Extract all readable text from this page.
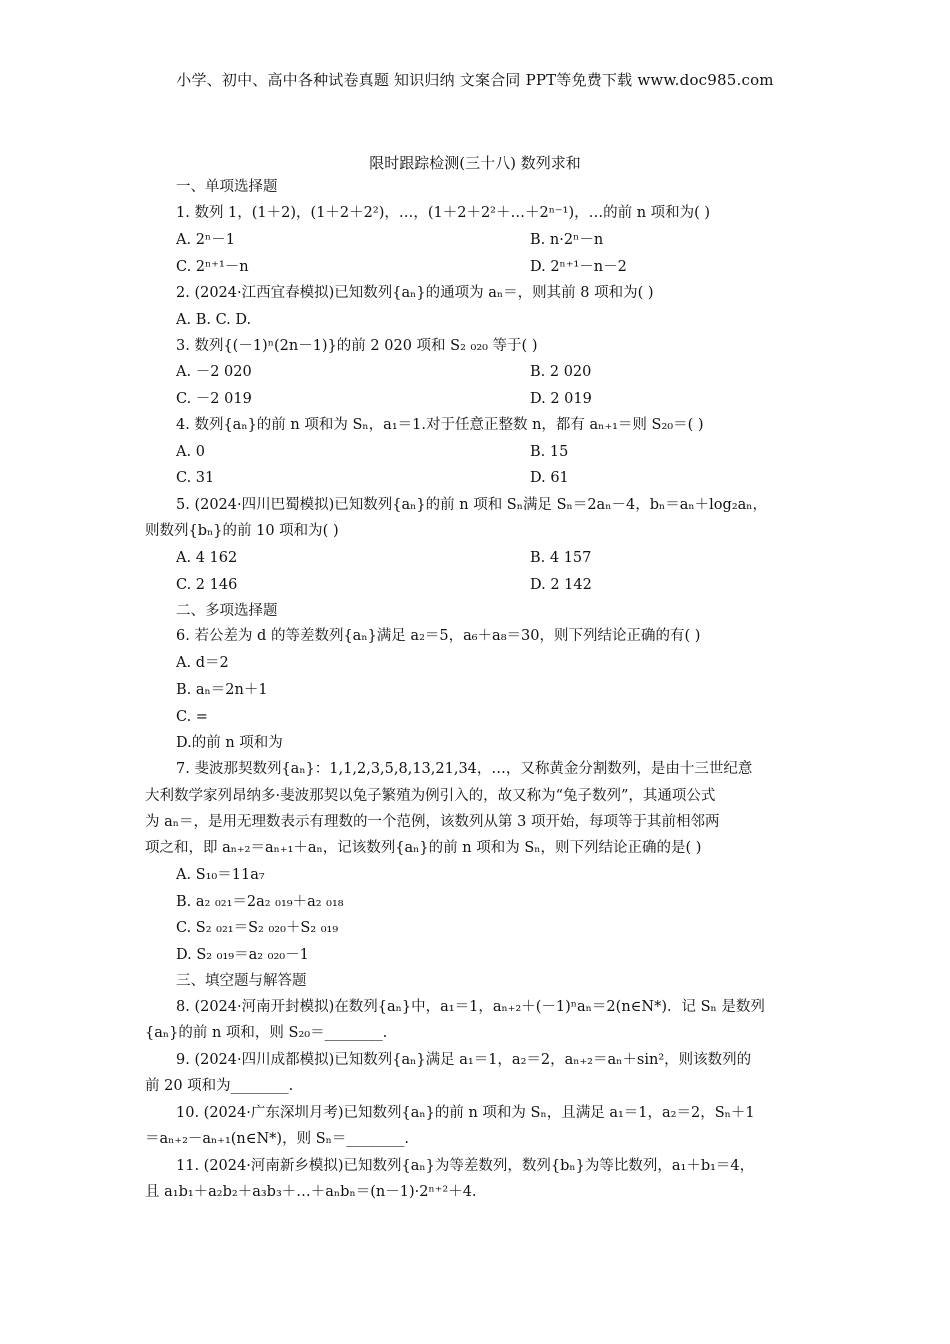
小学、初中、高中各种试卷真题 知识归纳 文案合同 PPT等免费下载 www.doc985.com
限时跟踪检测(三十八) 数列求和
一、单项选择题
1. 数列 1，(1＋2)，(1＋2＋2²)，…，(1＋2＋2²＋…＋2ⁿ⁻¹)，…的前 n 项和为( )
A. 2ⁿ－1	B. n·2ⁿ－n
C. 2ⁿ⁺¹－n	D. 2ⁿ⁺¹－n－2
2. (2024·江西宜春模拟)已知数列{aₙ}的通项为 aₙ＝，则其前 8 项和为( )
A. B. C. D.
3. 数列{(－1)ⁿ(2n－1)}的前 2 020 项和 S₂ ₀₂₀ 等于( )
A. －2 020	B. 2 020
C. －2 019	D. 2 019
4. 数列{aₙ}的前 n 项和为 Sₙ，a₁＝1.对于任意正整数 n，都有 aₙ₊₁＝则 S₂₀＝( )
A. 0	B. 15
C. 31	D. 61
5. (2024·四川巴蜀模拟)已知数列{aₙ}的前 n 项和 Sₙ满足 Sₙ＝2aₙ－4，bₙ＝aₙ＋log₂aₙ，
则数列{bₙ}的前 10 项和为( )
A. 4 162	B. 4 157
C. 2 146	D. 2 142
二、多项选择题
6. 若公差为 d 的等差数列{aₙ}满足 a₂＝5，a₆＋a₈＝30，则下列结论正确的有( )
A. d＝2
B. aₙ＝2n＋1
C. =
D.的前 n 项和为
7. 斐波那契数列{aₙ}：1,1,2,3,5,8,13,21,34，…，又称黄金分割数列，是由十三世纪意
大利数学家列昂纳多·斐波那契以兔子繁殖为例引入的，故又称为“兔子数列”，其通项公式
为 aₙ＝，是用无理数表示有理数的一个范例，该数列从第 3 项开始，每项等于其前相邻两
项之和，即 aₙ₊₂＝aₙ₊₁＋aₙ，记该数列{aₙ}的前 n 项和为 Sₙ，则下列结论正确的是( )
A. S₁₀＝11a₇
B. a₂ ₀₂₁＝2a₂ ₀₁₉＋a₂ ₀₁₈
C. S₂ ₀₂₁＝S₂ ₀₂₀＋S₂ ₀₁₉
D. S₂ ₀₁₉＝a₂ ₀₂₀－1
三、填空题与解答题
8. (2024·河南开封模拟)在数列{aₙ}中，a₁＝1，aₙ₊₂＋(－1)ⁿaₙ＝2(n∈N*)．记 Sₙ 是数列
{aₙ}的前 n 项和，则 S₂₀＝________.
9. (2024·四川成都模拟)已知数列{aₙ}满足 a₁＝1，a₂＝2，aₙ₊₂＝aₙ＋sin²，则该数列的
前 20 项和为________.
10. (2024·广东深圳月考)已知数列{aₙ}的前 n 项和为 Sₙ，且满足 a₁＝1，a₂＝2，Sₙ＋1
＝aₙ₊₂－aₙ₊₁(n∈N*)，则 Sₙ＝________.
11. (2024·河南新乡模拟)已知数列{aₙ}为等差数列，数列{bₙ}为等比数列，a₁＋b₁＝4，
且 a₁b₁＋a₂b₂＋a₃b₃＋…＋aₙbₙ＝(n－1)·2ⁿ⁺²＋4.
